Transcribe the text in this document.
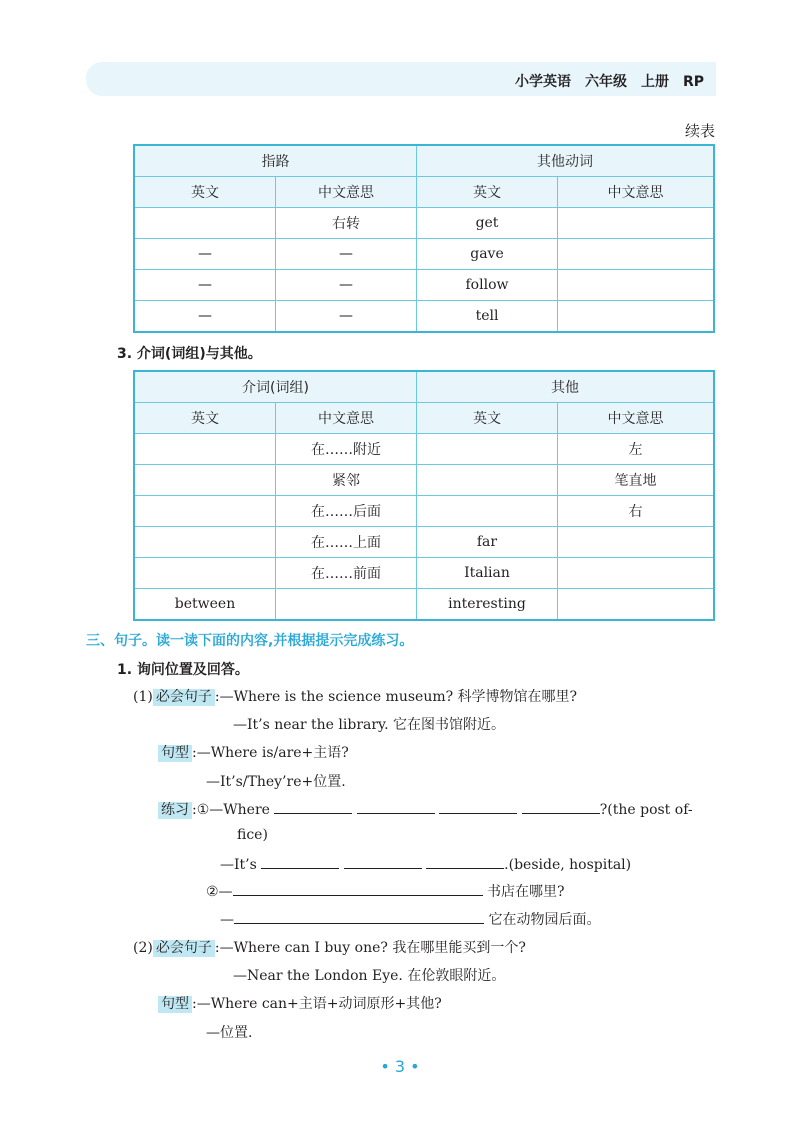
小学英语　六年级　上册　RP
续表
指路		其他动词	
英文	中文意思	英文	中文意思
	右转	get	
—	—	gave	
—	—	follow	
—	—	tell	
3. 介词(词组)与其他。
介词(词组)		其他	
英文	中文意思	英文	中文意思
	在……附近		左
	紧邻		笔直地
	在……后面		右
	在……上面	far	
	在……前面	Italian	
between		interesting	
三、句子。读一读下面的内容,并根据提示完成练习。
1. 询问位置及回答。
(1) 必会句子 :—Where is the science museum? 科学博物馆在哪里?
—It’s near the library. 它在图书馆附近。
句型 :—Where is/are+主语?
—It’s/They’re+位置.
练习 :①—Where	?(the post of-
fice)
—It’s	.(beside, hospital)
②—	书店在哪里?
—	它在动物园后面。
(2) 必会句子 :—Where can I buy one? 我在哪里能买到一个?
—Near the London Eye. 在伦敦眼附近。
句型 :—Where can+主语+动词原形+其他?
—位置.
• 3 •
